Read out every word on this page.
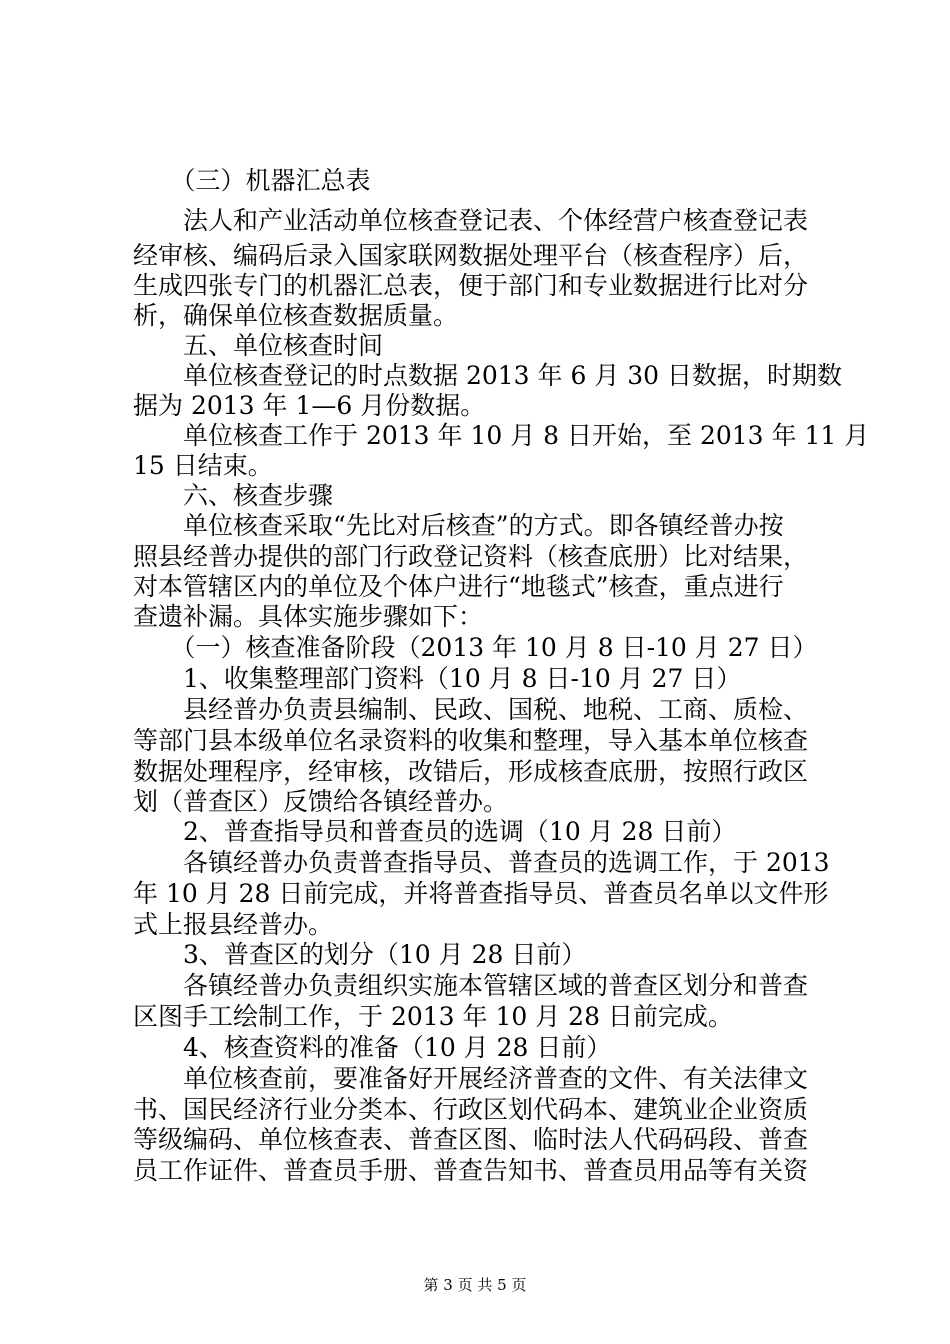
　　（三）机器汇总表
　　法人和产业活动单位核查登记表、个体经营户核查登记表
经审核、编码后录入国家联网数据处理平台（核查程序）后，
生成四张专门的机器汇总表，便于部门和专业数据进行比对分
析，确保单位核查数据质量。
　　五、单位核查时间
　　单位核查登记的时点数据 2013 年 6 月 30 日数据，时期数
据为 2013 年 1—6 月份数据。
　　单位核查工作于 2013 年 10 月 8 日开始，至 2013 年 11 月
15 日结束。
　　六、核查步骤
　　单位核查采取“先比对后核查”的方式。即各镇经普办按
照县经普办提供的部门行政登记资料（核查底册）比对结果，
对本管辖区内的单位及个体户进行“地毯式”核查，重点进行
查遗补漏。具体实施步骤如下：
　　（一）核查准备阶段（2013 年 10 月 8 日-10 月 27 日）
　　1、收集整理部门资料（10 月 8 日-10 月 27 日）
　　县经普办负责县编制、民政、国税、地税、工商、质检、
等部门县本级单位名录资料的收集和整理，导入基本单位核查
数据处理程序，经审核，改错后，形成核查底册，按照行政区
划（普查区）反馈给各镇经普办。
　　2、普查指导员和普查员的选调（10 月 28 日前）
　　各镇经普办负责普查指导员、普查员的选调工作，于 2013
年 10 月 28 日前完成，并将普查指导员、普查员名单以文件形
式上报县经普办。
　　3、普查区的划分（10 月 28 日前）
　　各镇经普办负责组织实施本管辖区域的普查区划分和普查
区图手工绘制工作，于 2013 年 10 月 28 日前完成。
　　4、核查资料的准备（10 月 28 日前）
　　单位核查前，要准备好开展经济普查的文件、有关法律文
书、国民经济行业分类本、行政区划代码本、建筑业企业资质
等级编码、单位核查表、普查区图、临时法人代码码段、普查
员工作证件、普查员手册、普查告知书、普查员用品等有关资
第 3 页 共 5 页
